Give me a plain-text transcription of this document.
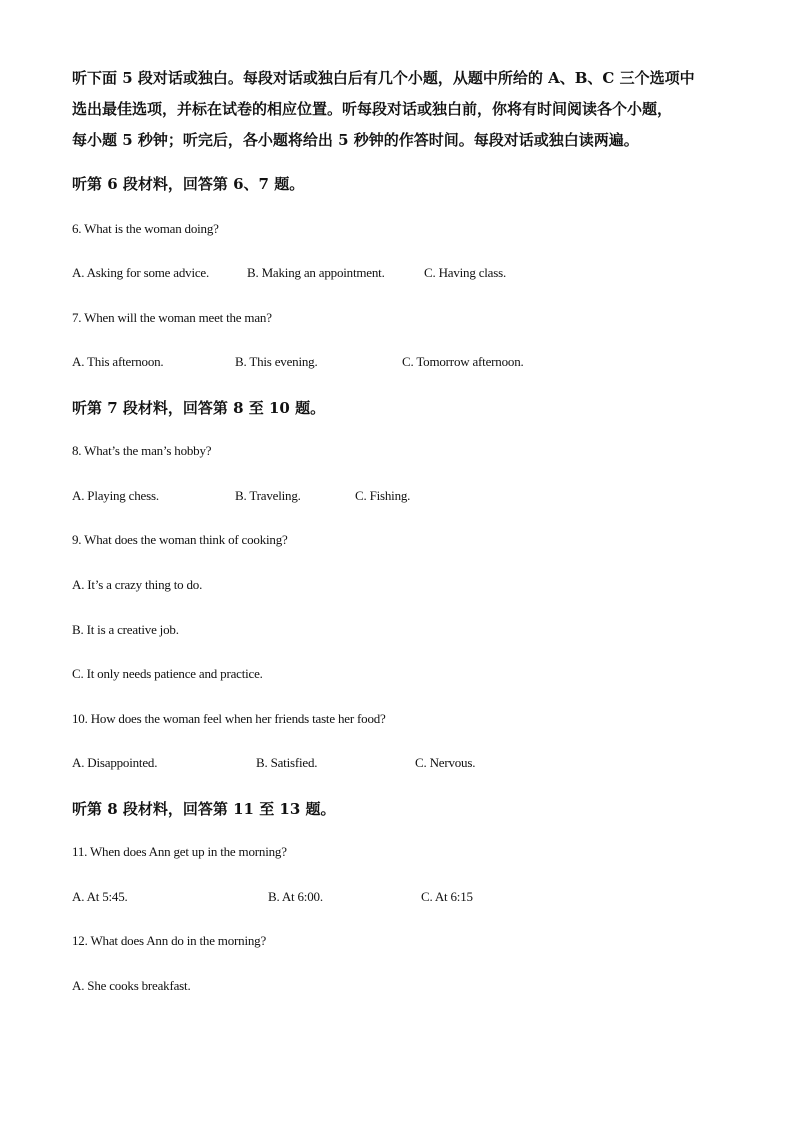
听下面 5 段对话或独白。每段对话或独白后有几个小题，从题中所给的 A、B、C 三个选项中
选出最佳选项，并标在试卷的相应位置。听每段对话或独白前，你将有时间阅读各个小题，
每小题 5 秒钟；听完后，各小题将给出 5 秒钟的作答时间。每段对话或独白读两遍。
听第 6 段材料，回答第 6、7 题。
6. What is the woman doing?
A. Asking for some advice.	B. Making an appointment.	C. Having class.
7. When will the woman meet the man?
A. This afternoon.	B. This evening.	C. Tomorrow afternoon.
听第 7 段材料，回答第 8 至 10 题。
8. What’s the man’s hobby?
A. Playing chess.	B. Traveling.	C. Fishing.
9. What does the woman think of cooking?
A. It’s a crazy thing to do.
B. It is a creative job.
C. It only needs patience and practice.
10. How does the woman feel when her friends taste her food?
A. Disappointed.	B. Satisfied.	C. Nervous.
听第 8 段材料，回答第 11 至 13 题。
11. When does Ann get up in the morning?
A. At 5:45.	B. At 6:00.	C. At 6:15
12. What does Ann do in the morning?
A. She cooks breakfast.
